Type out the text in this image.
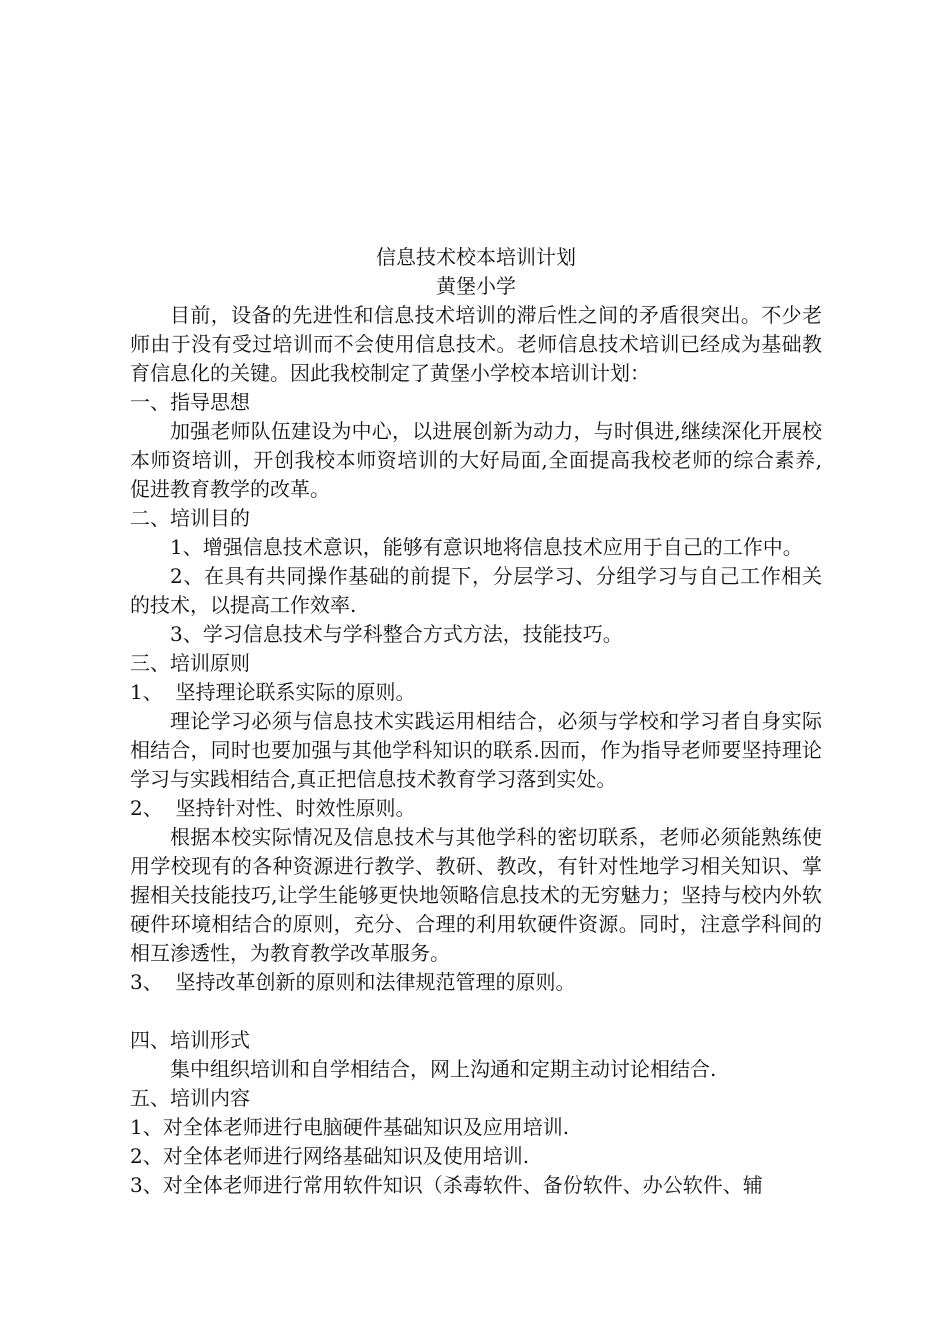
信息技术校本培训计划

黄堡小学

目前，设备的先进性和信息技术培训的滞后性之间的矛盾很突出。不少老师由于没有受过培训而不会使用信息技术。老师信息技术培训已经成为基础教育信息化的关键。因此我校制定了黄堡小学校本培训计划：

一、指导思想

加强老师队伍建设为中心，以进展创新为动力，与时俱进,继续深化开展校本师资培训，开创我校本师资培训的大好局面,全面提高我校老师的综合素养,促进教育教学的改革。

二、培训目的

1、增强信息技术意识，能够有意识地将信息技术应用于自己的工作中。

2、在具有共同操作基础的前提下，分层学习、分组学习与自己工作相关的技术，以提高工作效率.

3、学习信息技术与学科整合方式方法，技能技巧。

三、培训原则

1、  坚持理论联系实际的原则。

理论学习必须与信息技术实践运用相结合，必须与学校和学习者自身实际相结合，同时也要加强与其他学科知识的联系.因而，作为指导老师要坚持理论学习与实践相结合,真正把信息技术教育学习落到实处。

2、  坚持针对性、时效性原则。

根据本校实际情况及信息技术与其他学科的密切联系，老师必须能熟练使用学校现有的各种资源进行教学、教研、教改，有针对性地学习相关知识、掌握相关技能技巧,让学生能够更快地领略信息技术的无穷魅力；坚持与校内外软硬件环境相结合的原则，充分、合理的利用软硬件资源。同时，注意学科间的相互渗透性，为教育教学改革服务。

3、  坚持改革创新的原则和法律规范管理的原则。

四、培训形式

集中组织培训和自学相结合，网上沟通和定期主动讨论相结合.

五、培训内容

1、对全体老师进行电脑硬件基础知识及应用培训.

2、对全体老师进行网络基础知识及使用培训.

3、对全体老师进行常用软件知识（杀毒软件、备份软件、办公软件、辅
